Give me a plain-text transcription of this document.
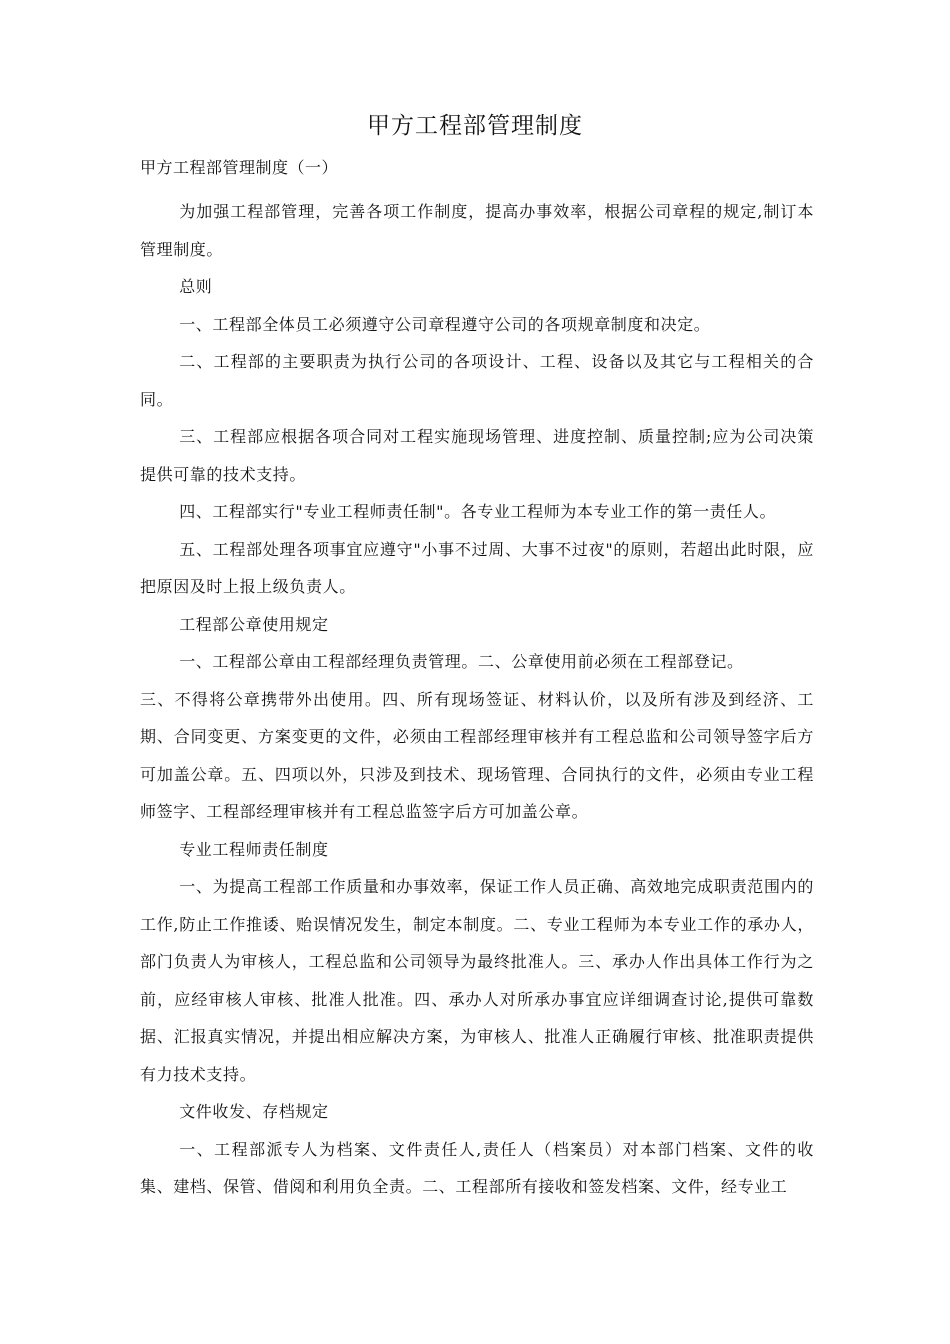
甲方工程部管理制度
甲方工程部管理制度（一）

为加强工程部管理，完善各项工作制度，提高办事效率，根据公司章程的规定,制订本管理制度。

总则

一、工程部全体员工必须遵守公司章程遵守公司的各项规章制度和决定。

二、工程部的主要职责为执行公司的各项设计、工程、设备以及其它与工程相关的合同。

三、工程部应根据各项合同对工程实施现场管理、进度控制、质量控制;应为公司决策提供可靠的技术支持。

四、工程部实行"专业工程师责任制"。各专业工程师为本专业工作的第一责任人。

五、工程部处理各项事宜应遵守"小事不过周、大事不过夜"的原则，若超出此时限，应把原因及时上报上级负责人。

工程部公章使用规定

一、工程部公章由工程部经理负责管理。二、公章使用前必须在工程部登记。

三、不得将公章携带外出使用。四、所有现场签证、材料认价，以及所有涉及到经济、工期、合同变更、方案变更的文件，必须由工程部经理审核并有工程总监和公司领导签字后方可加盖公章。五、四项以外，只涉及到技术、现场管理、合同执行的文件，必须由专业工程师签字、工程部经理审核并有工程总监签字后方可加盖公章。

专业工程师责任制度

一、为提高工程部工作质量和办事效率，保证工作人员正确、高效地完成职责范围内的工作,防止工作推诿、贻误情况发生，制定本制度。二、专业工程师为本专业工作的承办人，部门负责人为审核人，工程总监和公司领导为最终批准人。三、承办人作出具体工作行为之前，应经审核人审核、批准人批准。四、承办人对所承办事宜应详细调查讨论,提供可靠数据、汇报真实情况，并提出相应解决方案，为审核人、批准人正确履行审核、批准职责提供有力技术支持。

文件收发、存档规定

一、工程部派专人为档案、文件责任人,责任人（档案员）对本部门档案、文件的收集、建档、保管、借阅和利用负全责。二、工程部所有接收和签发档案、文件，经专业工
